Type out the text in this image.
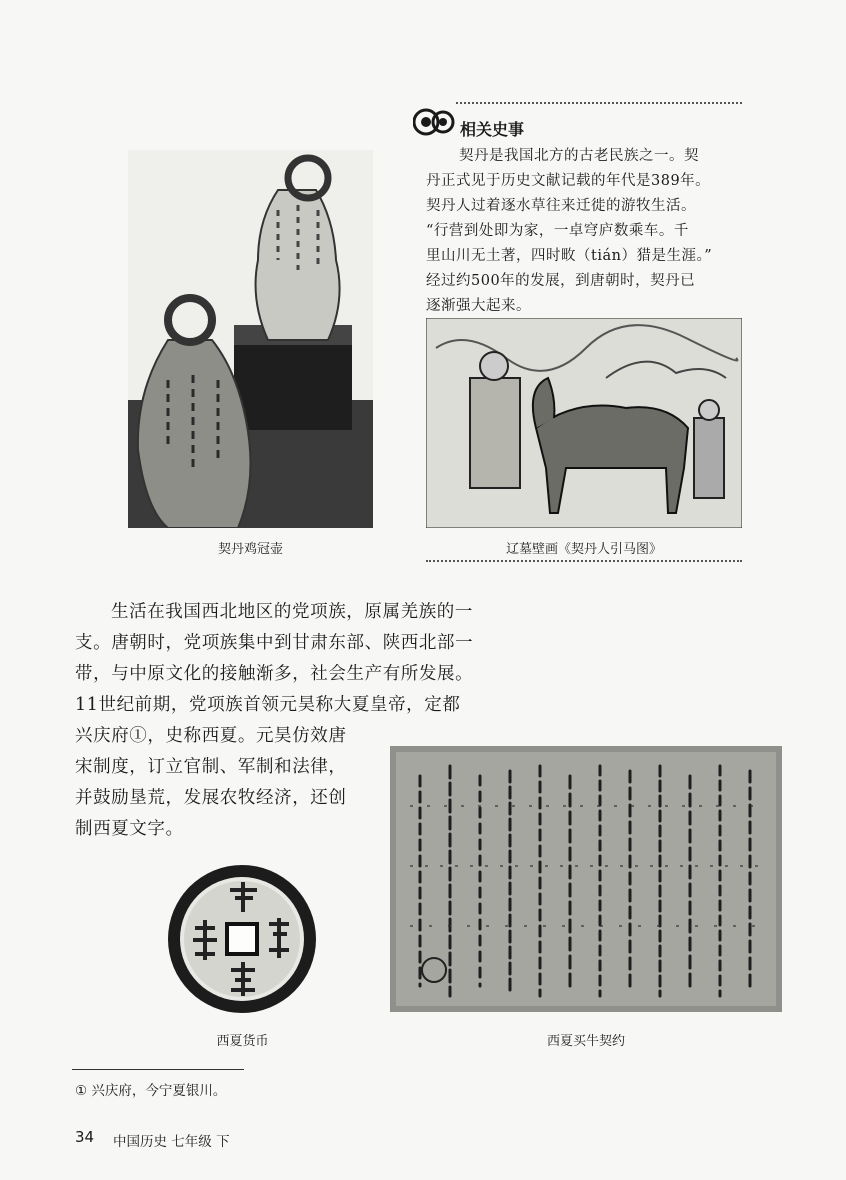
契丹鸡冠壶
相关史事
契丹是我国北方的古老民族之一。契
丹正式见于历史文献记载的年代是389年。
契丹人过着逐水草往来迁徙的游牧生活。
“行营到处即为家，一卓穹庐数乘车。千
里山川无土著，四时畋（tián）猎是生涯。”
经过约500年的发展，到唐朝时，契丹已
逐渐强大起来。
辽墓壁画《契丹人引马图》
生活在我国西北地区的党项族，原属羌族的一
支。唐朝时，党项族集中到甘肃东部、陕西北部一
带，与中原文化的接触渐多，社会生产有所发展。
11世纪前期，党项族首领元昊称大夏皇帝，定都
兴庆府①，史称西夏。元昊仿效唐
宋制度，订立官制、军制和法律，
并鼓励垦荒，发展农牧经济，还创
制西夏文字。
西夏货币	西夏买牛契约
① 兴庆府，今宁夏银川。
34 中国历史 七年级 下
